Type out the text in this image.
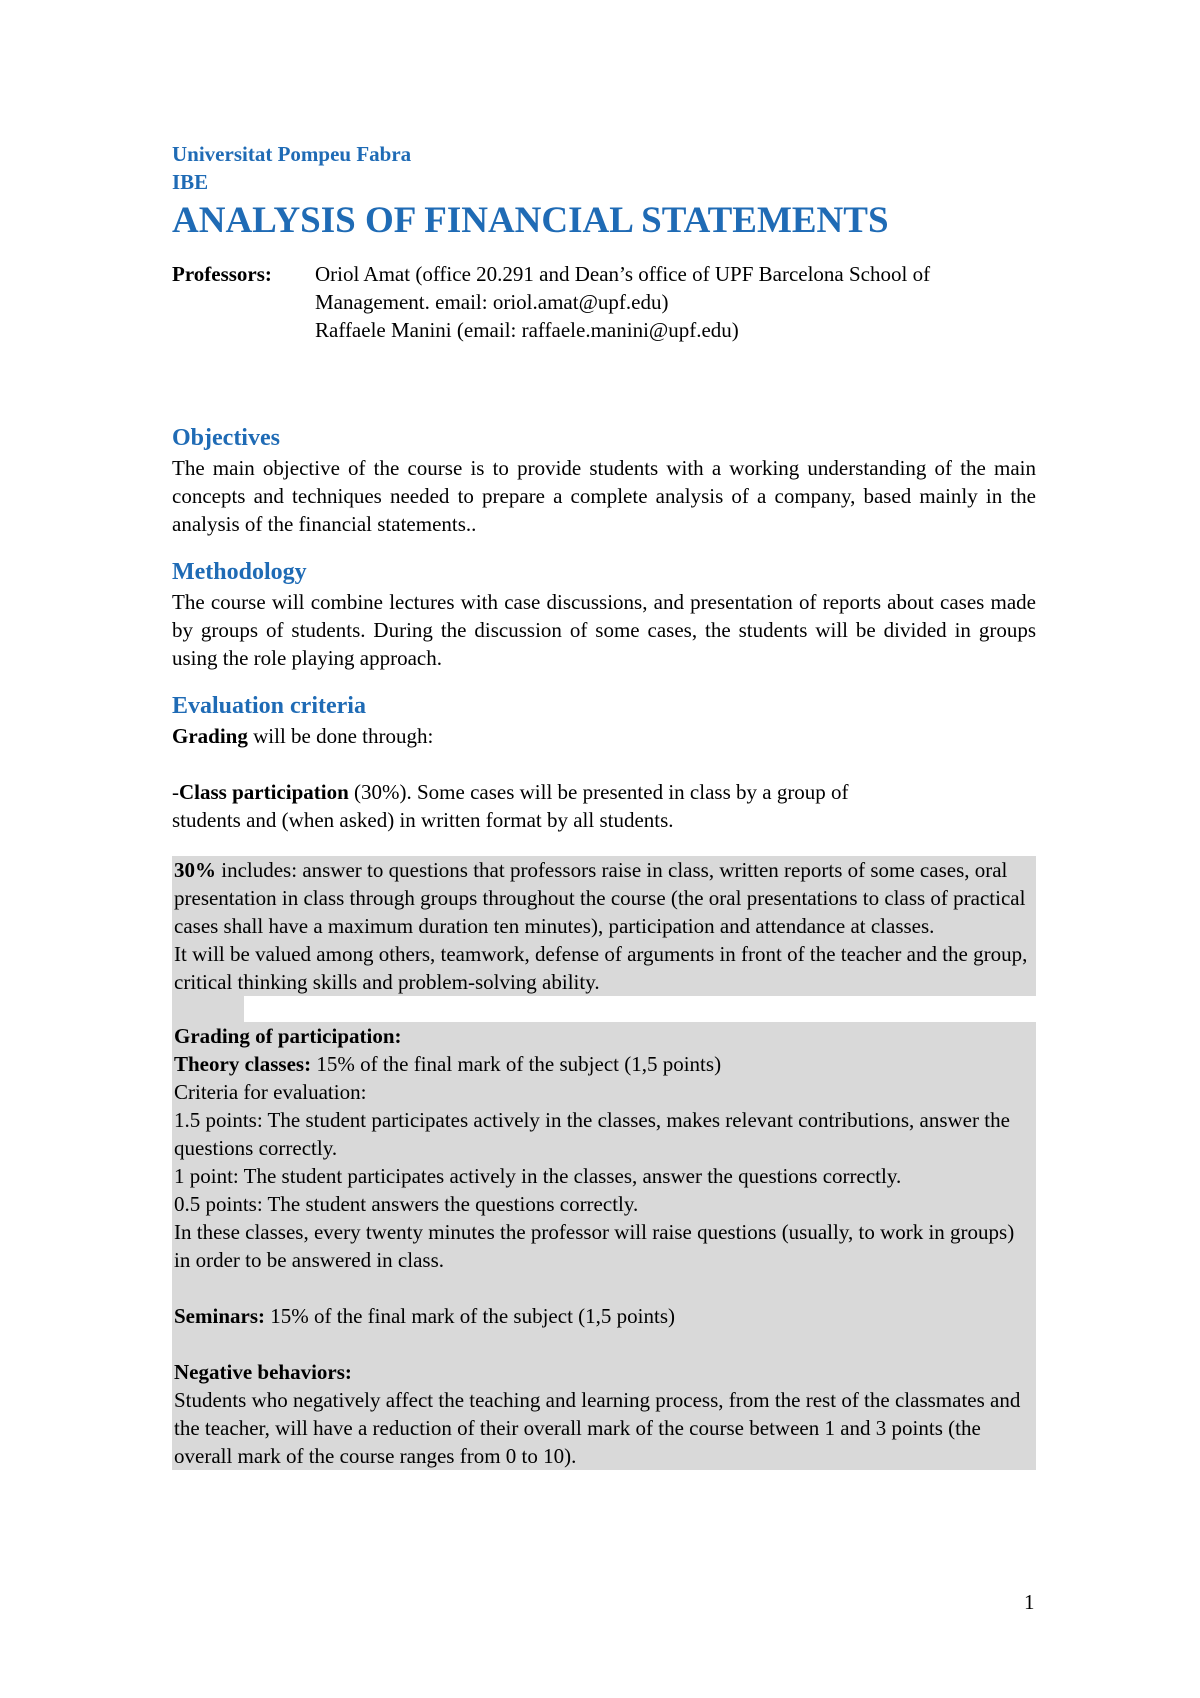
Universitat Pompeu Fabra
IBE
ANALYSIS OF FINANCIAL STATEMENTS
Professors: Oriol Amat (office 20.291 and Dean’s office of UPF Barcelona School of
Management. email: oriol.amat@upf.edu)
Raffaele Manini (email: raffaele.manini@upf.edu)
Objectives

The main objective of the course is to provide students with a working understanding of the main concepts and techniques needed to prepare a complete analysis of a company, based mainly in the analysis of the financial statements..

Methodology

The course will combine lectures with case discussions, and presentation of reports about cases made by groups of students. During the discussion of some cases, the students will be divided in groups using the role playing approach.

Evaluation criteria

Grading will be done through:

-Class participation (30%). Some cases will be presented in class by a group of

students and (when asked) in written format by all students.

30% includes: answer to questions that professors raise in class, written reports of some cases, oral presentation in class through groups throughout the course (the oral presentations to class of practical cases shall have a maximum duration ten minutes), participation and attendance at classes.
It will be valued among others, teamwork, defense of arguments in front of the teacher and the group, critical thinking skills and problem-solving ability.
Grading of participation:
Theory classes: 15% of the final mark of the subject (1,5 points)
Criteria for evaluation:
1.5 points: The student participates actively in the classes, makes relevant contributions, answer the questions correctly.
1 point: The student participates actively in the classes, answer the questions correctly.
0.5 points: The student answers the questions correctly.
In these classes, every twenty minutes the professor will raise questions (usually, to work in groups) in order to be answered in class.
Seminars: 15% of the final mark of the subject (1,5 points)
Negative behaviors:
Students who negatively affect the teaching and learning process, from the rest of the classmates and the teacher, will have a reduction of their overall mark of the course between 1 and 3 points (the overall mark of the course ranges from 0 to 10).
1
